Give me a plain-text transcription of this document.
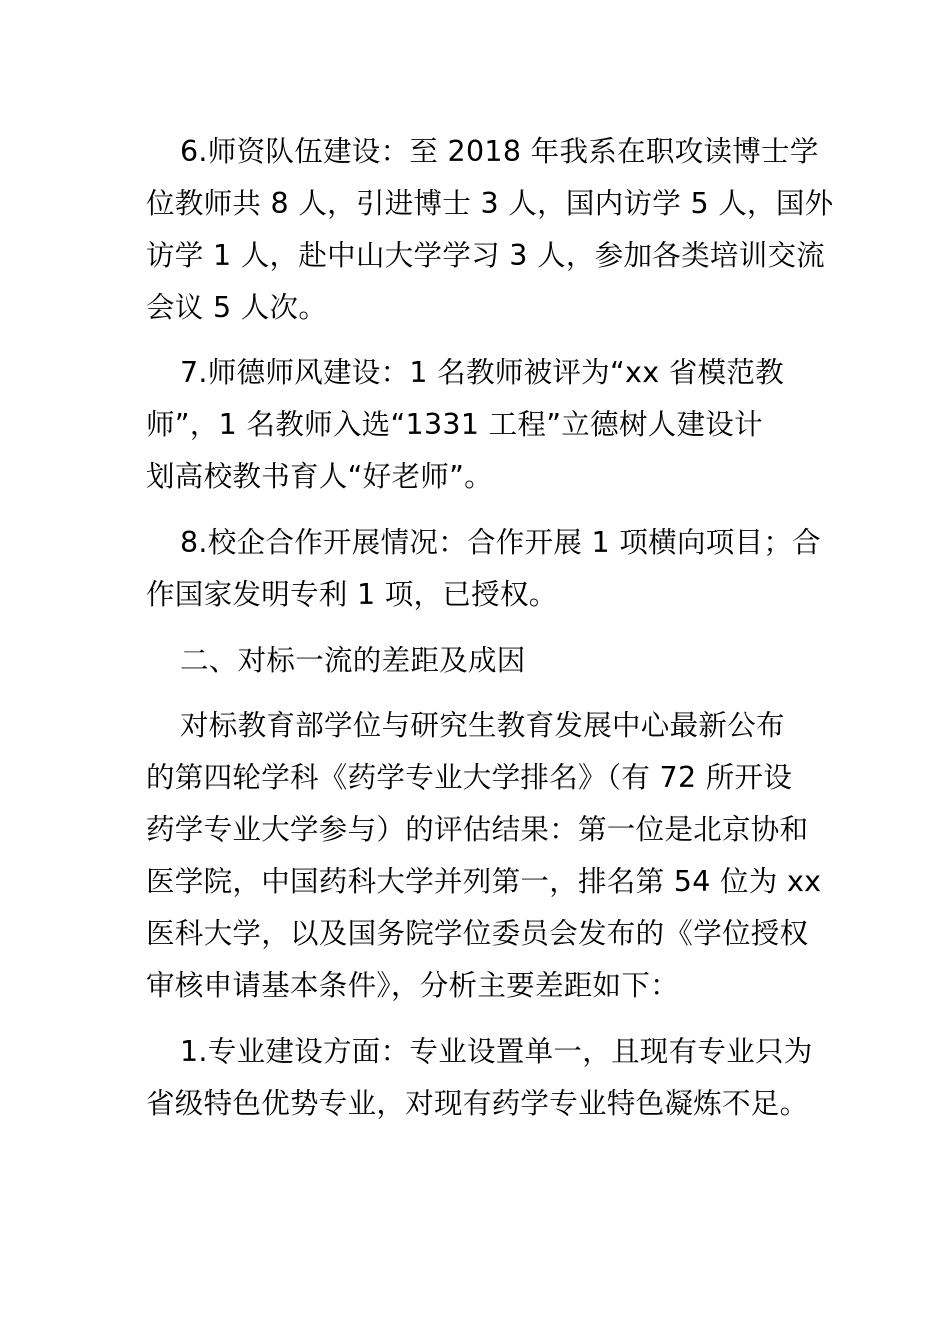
6.师资队伍建设：至 2018 年我系在职攻读博士学
位教师共 8 人，引进博士 3 人，国内访学 5 人，国外
访学 1 人，赴中山大学学习 3 人，参加各类培训交流
会议 5 人次。

7.师德师风建设：1 名教师被评为“xx 省模范教
师”，1 名教师入选“1331 工程”立德树人建设计
划高校教书育人“好老师”。

8.校企合作开展情况：合作开展 1 项横向项目；合
作国家发明专利 1 项，已授权。

二、对标一流的差距及成因

对标教育部学位与研究生教育发展中心最新公布
的第四轮学科《药学专业大学排名》（有 72 所开设
药学专业大学参与）的评估结果：第一位是北京协和
医学院，中国药科大学并列第一，排名第 54 位为 xx
医科大学，以及国务院学位委员会发布的《学位授权
审核申请基本条件》，分析主要差距如下：

1.专业建设方面：专业设置单一，且现有专业只为
省级特色优势专业，对现有药学专业特色凝炼不足。
